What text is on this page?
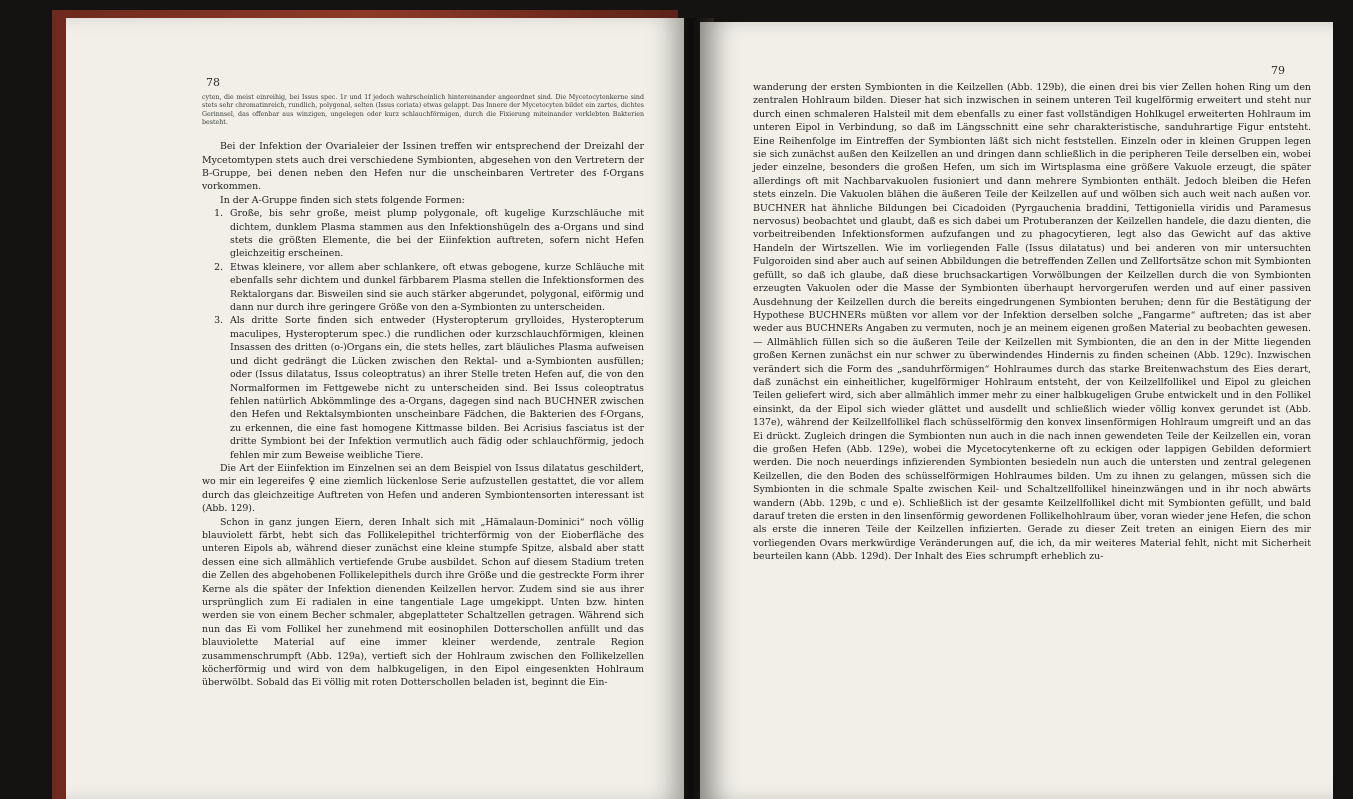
78

cyten, die meist einreihig, bei Issus spec. 1r und 1f jedoch wahrscheinlich hintereinander angeordnet sind. Die Mycetocytenkerne sind stets sehr chromatinreich, rundlich, polygonal, selten (Issus coriata) etwas gelappt. Das Innere der Mycetocyten bildet ein zartes, dichtes Gerinnsel, das offenbar aus winzigen, ungelegen oder kurz schlauchförmigen, durch die Fixierung miteinander verklebten Bakterien besteht.

Bei der Infektion der Ovarialeier der Issinen treffen wir entsprechend der Dreizahl der Mycetomtypen stets auch drei verschiedene Symbionten, abgesehen von den Vertretern der B-Gruppe, bei denen neben den Hefen nur die unscheinbaren Vertreter des f-Organs vorkommen.

In der A-Gruppe finden sich stets folgende Formen:

1. Große, bis sehr große, meist plump polygonale, oft kugelige Kurzschläuche mit dichtem, dunklem Plasma stammen aus den Infektionshügeln des a-Organs und sind stets die größten Elemente, die bei der Eiinfektion auftreten, sofern nicht Hefen gleichzeitig erscheinen.
2. Etwas kleinere, vor allem aber schlankere, oft etwas gebogene, kurze Schläuche mit ebenfalls sehr dichtem und dunkel färbbarem Plasma stellen die Infektionsformen des Rektalorgans dar. Bisweilen sind sie auch stärker abgerundet, polygonal, eiförmig und dann nur durch ihre geringere Größe von den a-Symbionten zu unterscheiden.
3. Als dritte Sorte finden sich entweder (Hysteropterum grylloides, Hysteropterum maculipes, Hysteropterum spec.) die rundlichen oder kurzschlauchförmigen, kleinen Insassen des dritten (o-)Organs ein, die stets helles, zart bläuliches Plasma aufweisen und dicht gedrängt die Lücken zwischen den Rektal- und a-Symbionten ausfüllen; oder (Issus dilatatus, Issus coleoptratus) an ihrer Stelle treten Hefen auf, die von den Normalformen im Fettgewebe nicht zu unterscheiden sind. Bei Issus coleoptratus fehlen natürlich Abkömmlinge des a-Organs, dagegen sind nach BUCHNER zwischen den Hefen und Rektalsymbionten unscheinbare Fädchen, die Bakterien des f-Organs, zu erkennen, die eine fast homogene Kittmasse bilden. Bei Acrisius fasciatus ist der dritte Symbiont bei der Infektion vermutlich auch fädig oder schlauchförmig, jedoch fehlen mir zum Beweise weibliche Tiere.

Die Art der Eiinfektion im Einzelnen sei an dem Beispiel von Issus dilatatus geschildert, wo mir ein legereifes ♀ eine ziemlich lückenlose Serie aufzustellen gestattet, die vor allem durch das gleichzeitige Auftreten von Hefen und anderen Symbiontensorten interessant ist (Abb. 129).

Schon in ganz jungen Eiern, deren Inhalt sich mit „Hämalaun-Dominici“ noch völlig blauviolett färbt, hebt sich das Follikelepithel trichterförmig von der Eioberfläche des unteren Eipols ab, während dieser zunächst eine kleine stumpfe Spitze, alsbald aber statt dessen eine sich allmählich vertiefende Grube ausbildet. Schon auf diesem Stadium treten die Zellen des abgehobenen Follikelepithels durch ihre Größe und die gestreckte Form ihrer Kerne als die später der Infektion dienenden Keilzellen hervor. Zudem sind sie aus ihrer ursprünglich zum Ei radialen in eine tangentiale Lage umgekippt. Unten bzw. hinten werden sie von einem Becher schmaler, abgeplatteter Schaltzellen getragen. Während sich nun das Ei vom Follikel her zunehmend mit eosinophilen Dotterschollen anfüllt und das blauviolette Material auf eine immer kleiner werdende, zentrale Region zusammenschrumpft (Abb. 129a), vertieft sich der Hohlraum zwischen den Follikelzellen köcherförmig und wird von dem halbkugeligen, in den Eipol eingesenkten Hohlraum überwölbt. Sobald das Ei völlig mit roten Dotterschollen beladen ist, beginnt die Ein-

79

wanderung der ersten Symbionten in die Keilzellen (Abb. 129b), die einen drei bis vier Zellen hohen Ring um den zentralen Hohlraum bilden. Dieser hat sich inzwischen in seinem unteren Teil kugelförmig erweitert und steht nur durch einen schmaleren Halsteil mit dem ebenfalls zu einer fast vollständigen Hohlkugel erweiterten Hohlraum im unteren Eipol in Verbindung, so daß im Längsschnitt eine sehr charakteristische, sanduhrartige Figur entsteht. Eine Reihenfolge im Eintreffen der Symbionten läßt sich nicht feststellen. Einzeln oder in kleinen Gruppen legen sie sich zunächst außen den Keilzellen an und dringen dann schließlich in die peripheren Teile derselben ein, wobei jeder einzelne, besonders die großen Hefen, um sich im Wirtsplasma eine größere Vakuole erzeugt, die später allerdings oft mit Nachbarvakuolen fusioniert und dann mehrere Symbionten enthält. Jedoch bleiben die Hefen stets einzeln. Die Vakuolen blähen die äußeren Teile der Keilzellen auf und wölben sich auch weit nach außen vor. BUCHNER hat ähnliche Bildungen bei Cicadoiden (Pyrgauchenia braddini, Tettigoniella viridis und Paramesus nervosus) beobachtet und glaubt, daß es sich dabei um Protuberanzen der Keilzellen handele, die dazu dienten, die vorbeitreibenden Infektionsformen aufzufangen und zu phagocytieren, legt also das Gewicht auf das aktive Handeln der Wirtszellen. Wie im vorliegenden Falle (Issus dilatatus) und bei anderen von mir untersuchten Fulgoroiden sind aber auch auf seinen Abbildungen die betreffenden Zellen und Zellfortsätze schon mit Symbionten gefüllt, so daß ich glaube, daß diese bruchsackartigen Vorwölbungen der Keilzellen durch die von Symbionten erzeugten Vakuolen oder die Masse der Symbionten überhaupt hervorgerufen werden und auf einer passiven Ausdehnung der Keilzellen durch die bereits eingedrungenen Symbionten beruhen; denn für die Bestätigung der Hypothese BUCHNERs müßten vor allem vor der Infektion derselben solche „Fangarme“ auftreten; das ist aber weder aus BUCHNERs Angaben zu vermuten, noch je an meinem eigenen großen Material zu beobachten gewesen. — Allmählich füllen sich so die äußeren Teile der Keilzellen mit Symbionten, die an den in der Mitte liegenden großen Kernen zunächst ein nur schwer zu überwindendes Hindernis zu finden scheinen (Abb. 129c). Inzwischen verändert sich die Form des „sanduhrförmigen“ Hohlraumes durch das starke Breitenwachstum des Eies derart, daß zunächst ein einheitlicher, kugelförmiger Hohlraum entsteht, der von Keilzellfollikel und Eipol zu gleichen Teilen geliefert wird, sich aber allmählich immer mehr zu einer halbkugeligen Grube entwickelt und in den Follikel einsinkt, da der Eipol sich wieder glättet und ausdellt und schließlich wieder völlig konvex gerundet ist (Abb. 137e), während der Keilzellfollikel flach schüsselförmig den konvex linsenförmigen Hohlraum umgreift und an das Ei drückt. Zugleich dringen die Symbionten nun auch in die nach innen gewendeten Teile der Keilzellen ein, voran die großen Hefen (Abb. 129e), wobei die Mycetocytenkerne oft zu eckigen oder lappigen Gebilden deformiert werden. Die noch neuerdings infizierenden Symbionten besiedeln nun auch die untersten und zentral gelegenen Keilzellen, die den Boden des schüsselförmigen Hohlraumes bilden. Um zu ihnen zu gelangen, müssen sich die Symbionten in die schmale Spalte zwischen Keil- und Schaltzellfollikel hineinzwängen und in ihr noch abwärts wandern (Abb. 129b, c und e). Schließlich ist der gesamte Keilzellfollikel dicht mit Symbionten gefüllt, und bald darauf treten die ersten in den linsenförmig gewordenen Follikelhohlraum über, voran wieder jene Hefen, die schon als erste die inneren Teile der Keilzellen infizierten. Gerade zu dieser Zeit treten an einigen Eiern des mir vorliegenden Ovars merkwürdige Veränderungen auf, die ich, da mir weiteres Material fehlt, nicht mit Sicherheit beurteilen kann (Abb. 129d). Der Inhalt des Eies schrumpft erheblich zu-
